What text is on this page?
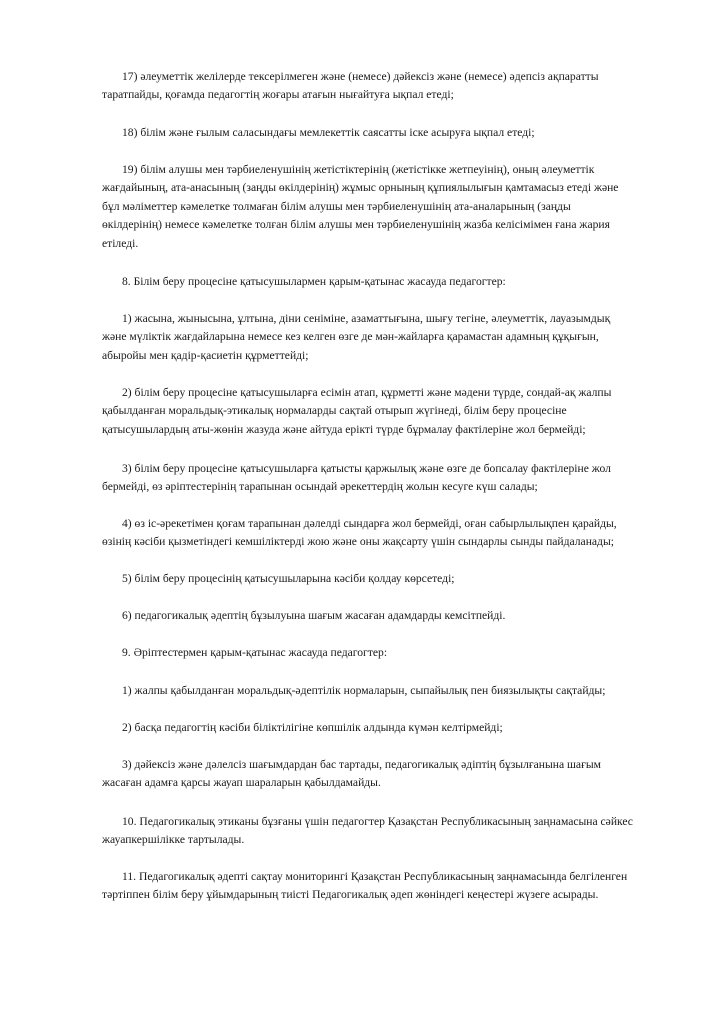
17) әлеуметтік желілерде тексерілмеген және (немесе) дәйексіз және (немесе) әдепсіз ақпаратты
таратпайды, қоғамда педагогтің жоғары атағын нығайтуға ықпал етеді;
18) білім және ғылым саласындағы мемлекеттік саясатты іске асыруға ықпал етеді;
19) білім алушы мен тәрбиеленушінің жетістіктерінің (жетістікке жетпеуінің), оның әлеуметтік
жағдайының, ата-анасының (заңды өкілдерінің) жұмыс орнының құпиялылығын қамтамасыз етеді және
бұл мәліметтер кәмелетке толмаған білім алушы мен тәрбиеленушінің ата-аналарының (заңды
өкілдерінің) немесе кәмелетке толған білім алушы мен тәрбиеленушінің жазба келісімімен ғана жария
етіледі.
8. Білім беру процесіне қатысушылармен қарым-қатынас жасауда педагогтер:
1) жасына, жынысына, ұлтына, діни сеніміне, азаматтығына, шығу тегіне, әлеуметтік, лауазымдық
және мүліктік жағдайларына немесе кез келген өзге де мән-жайларға қарамастан адамның құқығын,
абыройы мен қадір-қасиетін құрметтейді;
2) білім беру процесіне қатысушыларға есімін атап, құрметті және мәдени түрде, сондай-ақ жалпы
қабылданған моральдық-этикалық нормаларды сақтай отырып жүгінеді, білім беру процесіне
қатысушылардың аты-жөнін жазуда және айтуда ерікті түрде бұрмалау фактілеріне жол бермейді;
3) білім беру процесіне қатысушыларға қатысты қаржылық және өзге де бопсалау фактілеріне жол
бермейді, өз әріптестерінің тарапынан осындай әрекеттердің жолын кесуге күш салады;
4) өз іс-әрекетімен қоғам тарапынан дәлелді сындарға жол бермейді, оған сабырлылықпен қарайды,
өзінің кәсіби қызметіндегі кемшіліктерді жою және оны жақсарту үшін сындарлы сынды пайдаланады;
5) білім беру процесінің қатысушыларына кәсіби қолдау көрсетеді;
6) педагогикалық әдептің бұзылуына шағым жасаған адамдарды кемсітпейді.
9. Әріптестермен қарым-қатынас жасауда педагогтер:
1) жалпы қабылданған моральдық-әдептілік нормаларын, сыпайылық пен биязылықты сақтайды;
2) басқа педагогтің кәсіби біліктілігіне көпшілік алдында күмән келтірмейді;
3) дәйексіз және дәлелсіз шағымдардан бас тартады, педагогикалық әдіптің бұзылғанына шағым
жасаған адамға қарсы жауап шараларын қабылдамайды.
10. Педагогикалық этиканы бұзғаны үшін педагогтер Қазақстан Республикасының заңнамасына сәйкес
жауапкершілікке тартылады.
11. Педагогикалық әдепті сақтау мониторингі Қазақстан Республикасының заңнамасында белгіленген
тәртіппен білім беру ұйымдарының тиісті Педагогикалық әдеп жөніндегі кеңестері жүзеге асырады.
